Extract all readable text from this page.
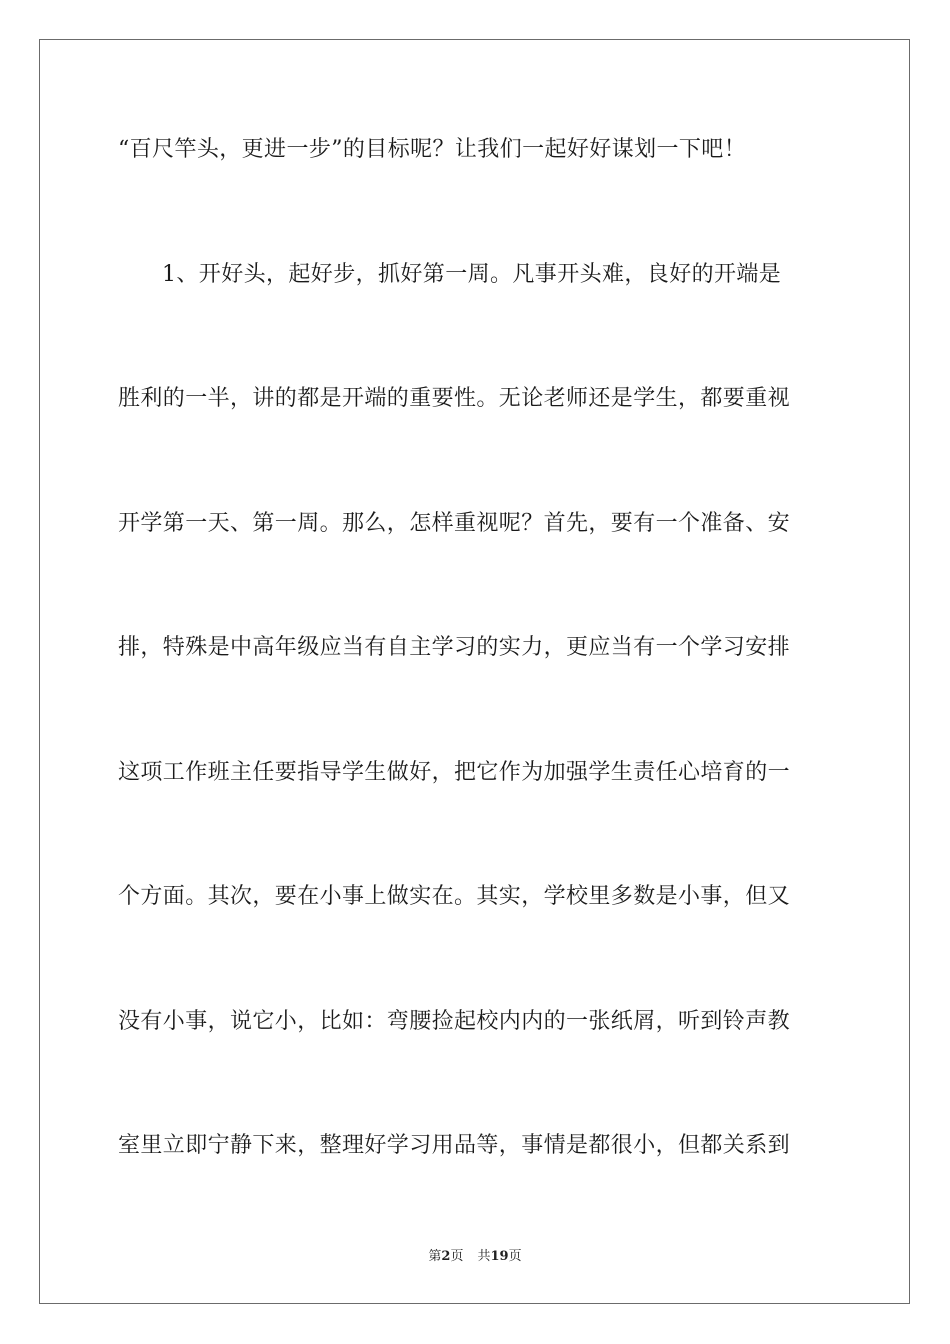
“百尺竿头，更进一步”的目标呢？让我们一起好好谋划一下吧！
1、开好头，起好步，抓好第一周。凡事开头难，良好的开端是
胜利的一半，讲的都是开端的重要性。无论老师还是学生，都要重视
开学第一天、第一周。那么，怎样重视呢？首先，要有一个准备、安
排，特殊是中高年级应当有自主学习的实力，更应当有一个学习安排
这项工作班主任要指导学生做好，把它作为加强学生责任心培育的一
个方面。其次，要在小事上做实在。其实，学校里多数是小事，但又
没有小事，说它小，比如：弯腰捡起校内内的一张纸屑，听到铃声教
室里立即宁静下来，整理好学习用品等，事情是都很小，但都关系到
第2页 共19页
